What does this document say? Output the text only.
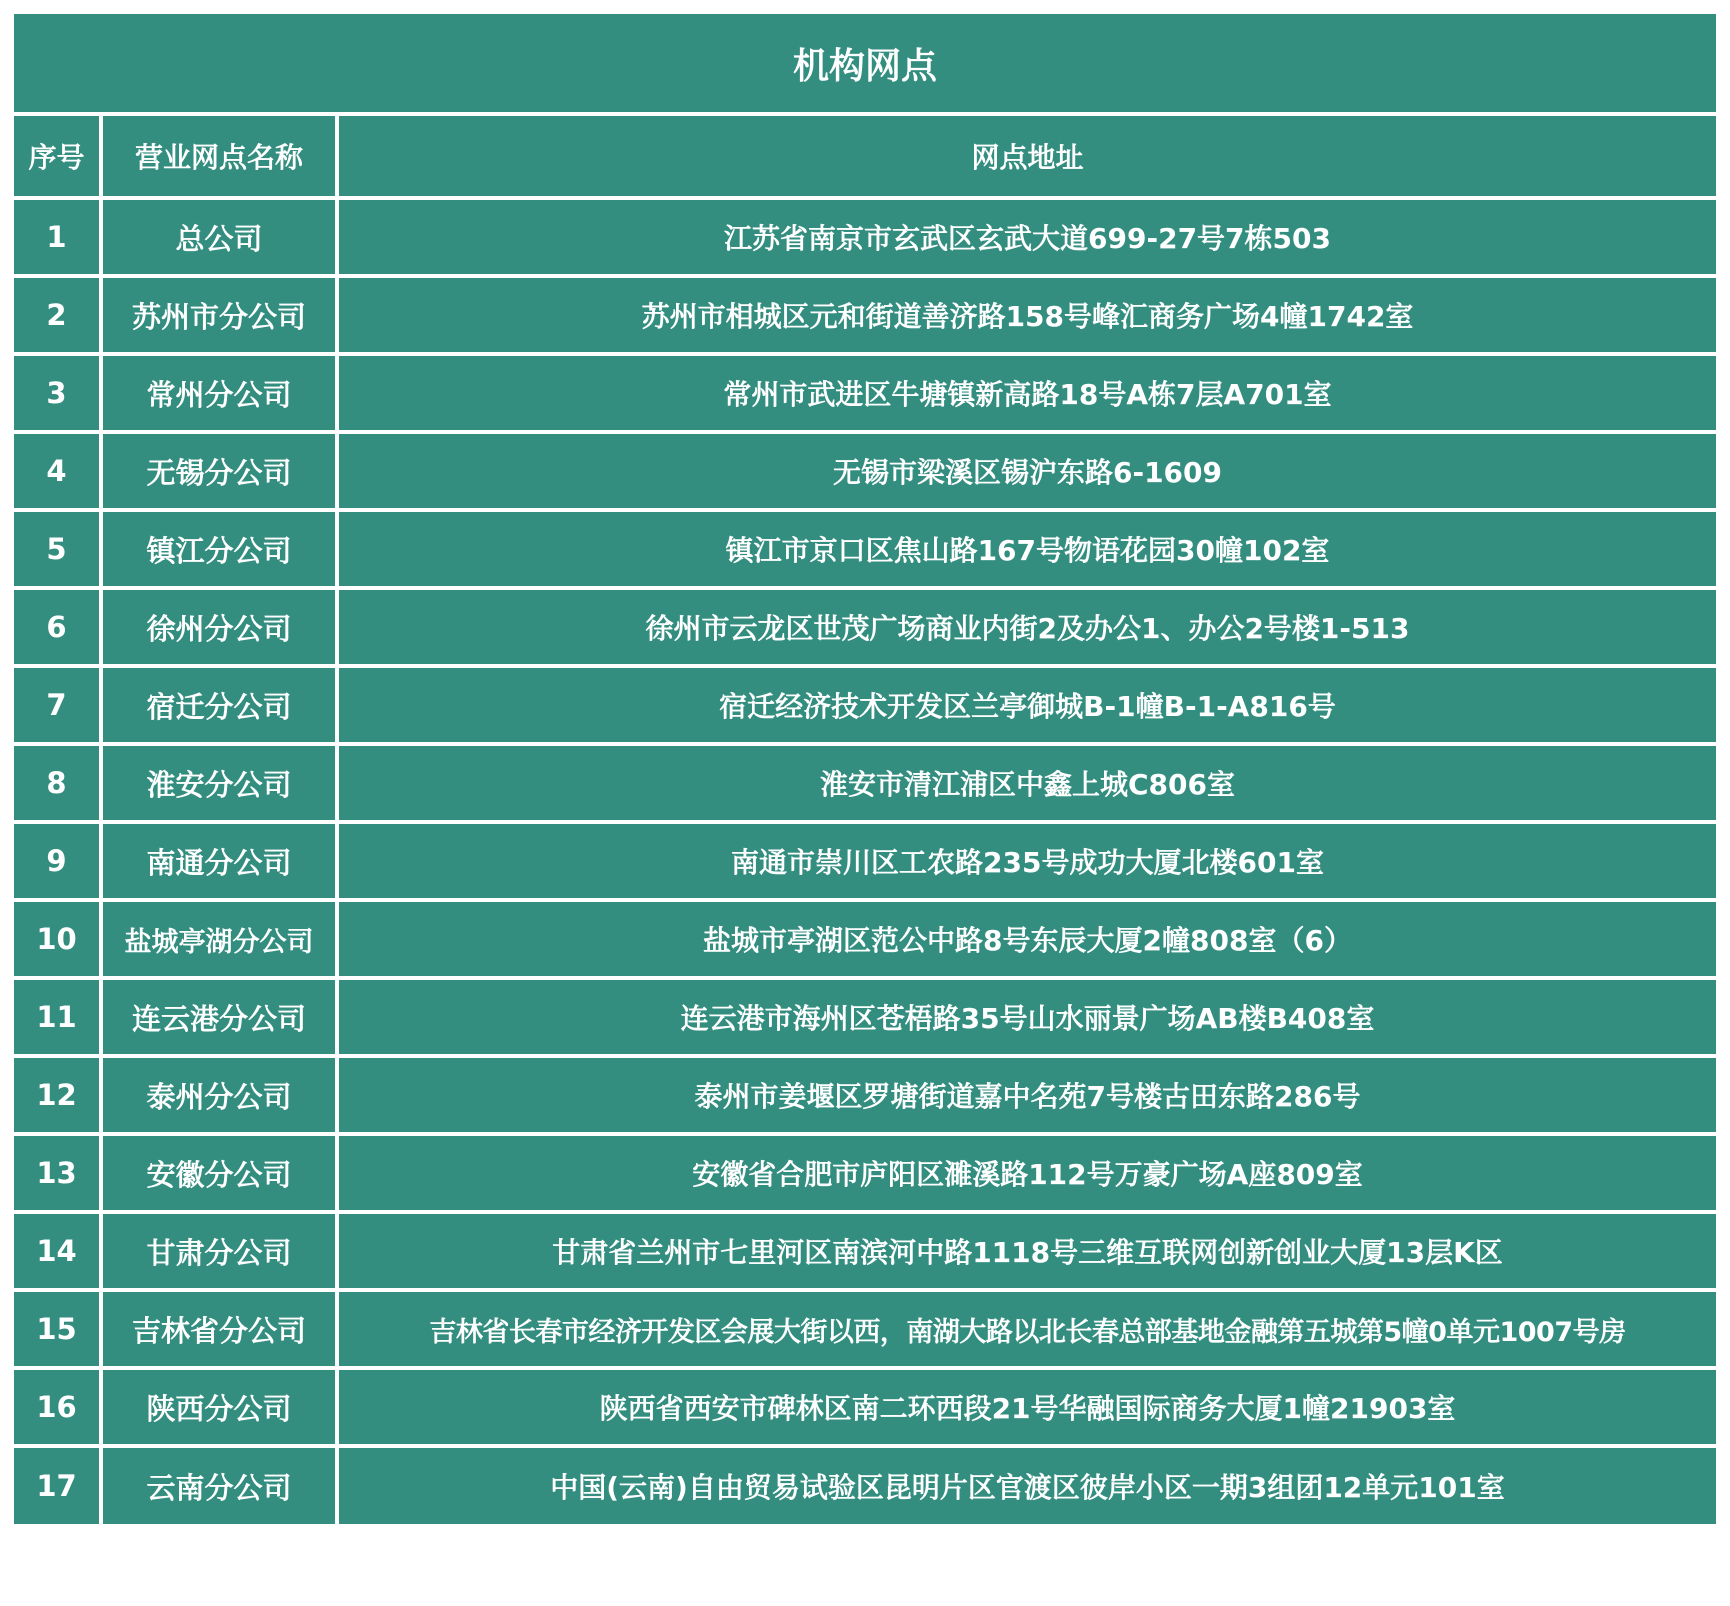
机构网点
序号	营业网点名称	网点地址
1	总公司	江苏省南京市玄武区玄武大道699-27号7栋503
2	苏州市分公司	苏州市相城区元和街道善济路158号峰汇商务广场4幢1742室
3	常州分公司	常州市武进区牛塘镇新高路18号A栋7层A701室
4	无锡分公司	无锡市梁溪区锡沪东路6-1609
5	镇江分公司	镇江市京口区焦山路167号物语花园30幢102室
6	徐州分公司	徐州市云龙区世茂广场商业内街2及办公1、办公2号楼1-513
7	宿迁分公司	宿迁经济技术开发区兰亭御城B-1幢B-1-A816号
8	淮安分公司	淮安市清江浦区中鑫上城C806室
9	南通分公司	南通市崇川区工农路235号成功大厦北楼601室
10	盐城亭湖分公司	盐城市亭湖区范公中路8号东辰大厦2幢808室（6）
11	连云港分公司	连云港市海州区苍梧路35号山水丽景广场AB楼B408室
12	泰州分公司	泰州市姜堰区罗塘街道嘉中名苑7号楼古田东路286号
13	安徽分公司	安徽省合肥市庐阳区濉溪路112号万豪广场A座809室
14	甘肃分公司	甘肃省兰州市七里河区南滨河中路1118号三维互联网创新创业大厦13层K区
15	吉林省分公司	吉林省长春市经济开发区会展大街以西，南湖大路以北长春总部基地金融第五城第5幢0单元1007号房
16	陕西分公司	陕西省西安市碑林区南二环西段21号华融国际商务大厦1幢21903室
17	云南分公司	中国(云南)自由贸易试验区昆明片区官渡区彼岸小区一期3组团12单元101室
